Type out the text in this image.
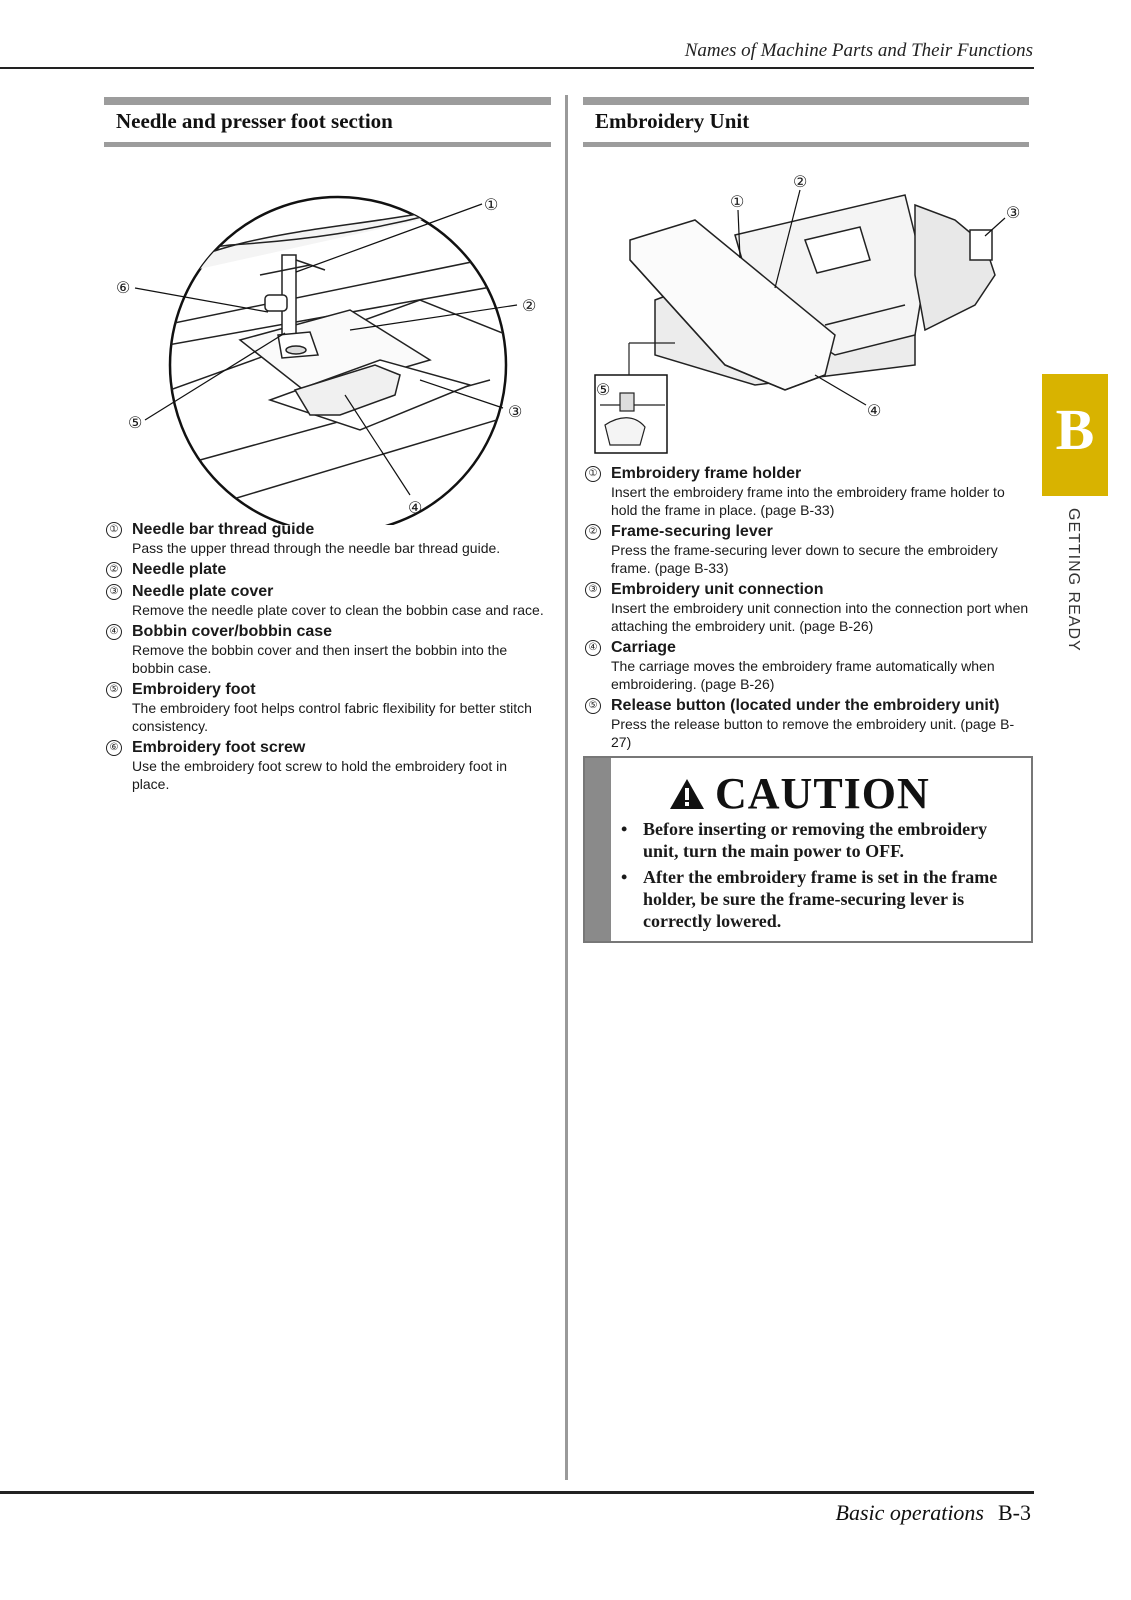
Names of Machine Parts and Their Functions
Needle and presser foot section
①
②
③
④
⑤
⑥
① Needle bar thread guide
Pass the upper thread through the needle bar thread guide.
② Needle plate
③ Needle plate cover
Remove the needle plate cover to clean the bobbin case and race.
④ Bobbin cover/bobbin case
Remove the bobbin cover and then insert the bobbin into the bobbin case.
⑤ Embroidery foot
The embroidery foot helps control fabric flexibility for better stitch consistency.
⑥ Embroidery foot screw
Use the embroidery foot screw to hold the embroidery foot in place.
Embroidery Unit
①
②
③
④
⑤
① Embroidery frame holder
Insert the embroidery frame into the embroidery frame holder to hold the frame in place. (page B-33)
② Frame-securing lever
Press the frame-securing lever down to secure the embroidery frame. (page B-33)
③ Embroidery unit connection
Insert the embroidery unit connection into the connection port when attaching the embroidery unit. (page B-26)
④ Carriage
The carriage moves the embroidery frame automatically when embroidering. (page B-26)
⑤ Release button (located under the embroidery unit)
Press the release button to remove the embroidery unit. (page B-27)
CAUTION
• Before inserting or removing the embroidery unit, turn the main power to OFF.
• After the embroidery frame is set in the frame holder, be sure the frame-securing lever is correctly lowered.
B
GETTING READY
Basic operations B-3
